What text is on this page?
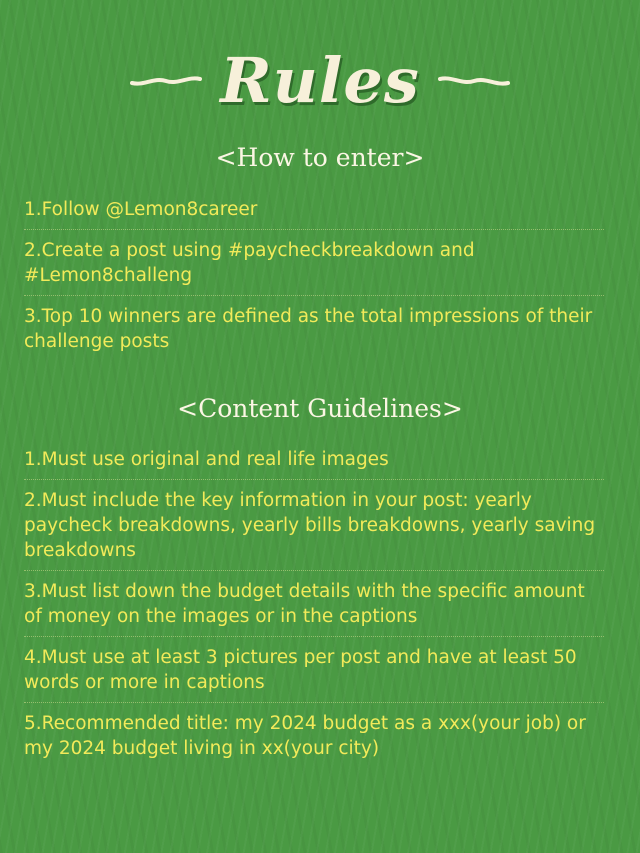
Rules
<How to enter>
1.Follow @Lemon8career
2.Create a post using #paycheckbreakdown and #Lemon8challeng
3.Top 10 winners are defined as the total impressions of their challenge posts
<Content Guidelines>
1.Must use original and real life images
2.Must include the key information in your post: yearly paycheck breakdowns, yearly bills breakdowns, yearly saving breakdowns
3.Must list down the budget details with the specific amount of money on the images or in the captions
4.Must use at least 3 pictures per post and have at least 50 words or more in captions
5.Recommended title: my 2024 budget as a xxx(your job) or my 2024 budget living in xx(your city)
